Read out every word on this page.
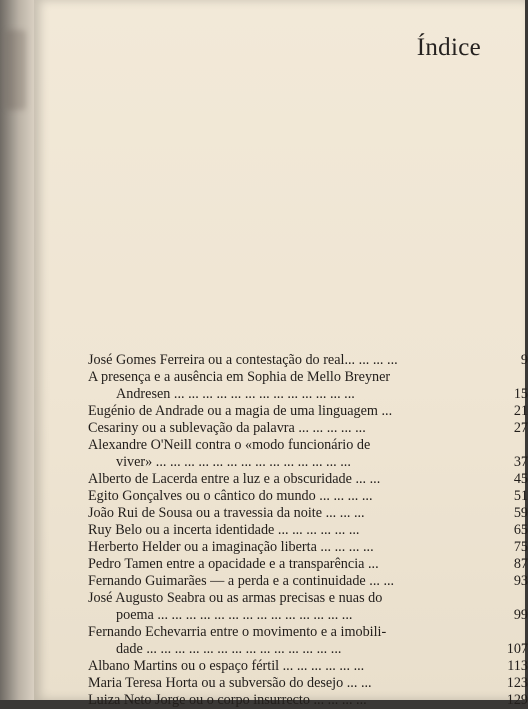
Índice
José Gomes Ferreira ou a contestação do real... ... ... ...	9
A presença e a ausência em Sophia de Mello Breyner
Andresen ... ... ... ... ... ... ... ... ... ... ... ... ...	15
Eugénio de Andrade ou a magia de uma linguagem ...	21
Cesariny ou a sublevação da palavra ... ... ... ... ...	27
Alexandre O'Neill contra o «modo funcionário de
viver» ... ... ... ... ... ... ... ... ... ... ... ... ... ...	37
Alberto de Lacerda entre a luz e a obscuridade ... ...	45
Egito Gonçalves ou o cântico do mundo ... ... ... ...	51
João Rui de Sousa ou a travessia da noite ... ... ...	59
Ruy Belo ou a incerta identidade ... ... ... ... ... ...	65
Herberto Helder ou a imaginação liberta ... ... ... ...	75
Pedro Tamen entre a opacidade e a transparência ...	87
Fernando Guimarães — a perda e a continuidade ... ...	93
José Augusto Seabra ou as armas precisas e nuas do
poema ... ... ... ... ... ... ... ... ... ... ... ... ... ...	99
Fernando Echevarria entre o movimento e a imobili-
dade ... ... ... ... ... ... ... ... ... ... ... ... ... ...	107
Albano Martins ou o espaço fértil ... ... ... ... ... ...	113
Maria Teresa Horta ou a subversão do desejo ... ...	123
Luiza Neto Jorge ou o corpo insurrecto ... ... ... ...	129
